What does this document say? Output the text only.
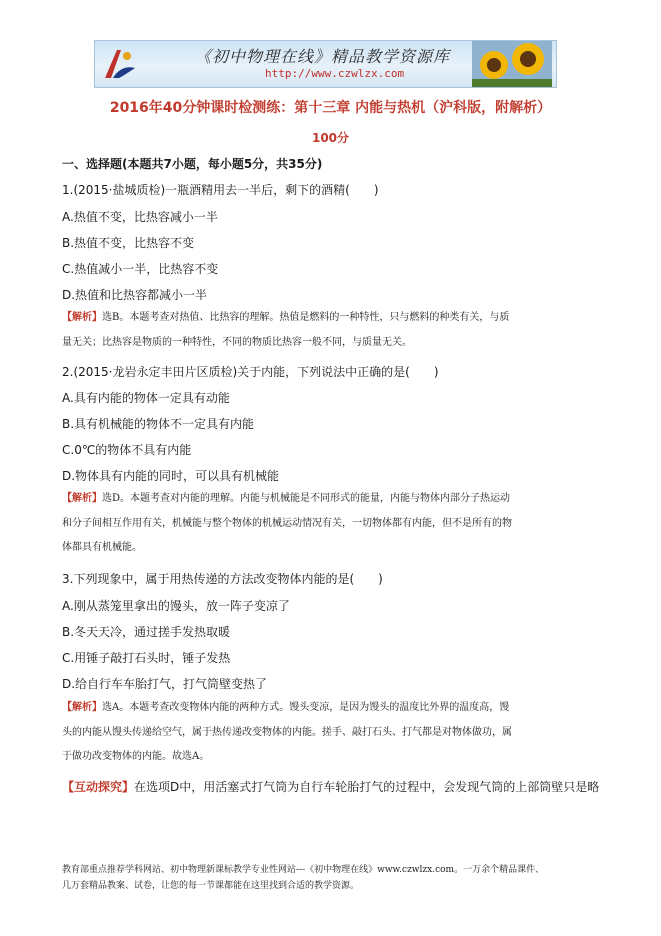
《初中物理在线》精品教学资源库
http://www.czwlzx.com
2016年40分钟课时检测练：第十三章 内能与热机（沪科版，附解析）
100分
一、选择题(本题共7小题，每小题5分，共35分)
1.(2015·盐城质检)一瓶酒精用去一半后，剩下的酒精(　　)
A.热值不变，比热容减小一半
B.热值不变，比热容不变
C.热值减小一半，比热容不变
D.热值和比热容都减小一半
【解析】选B。本题考查对热值、比热容的理解。热值是燃料的一种特性，只与燃料的种类有关，与质
量无关；比热容是物质的一种特性，不同的物质比热容一般不同，与质量无关。
2.(2015·龙岩永定丰田片区质检)关于内能，下列说法中正确的是(　　)
A.具有内能的物体一定具有动能
B.具有机械能的物体不一定具有内能
C.0℃的物体不具有内能
D.物体具有内能的同时，可以具有机械能
【解析】选D。本题考查对内能的理解。内能与机械能是不同形式的能量，内能与物体内部分子热运动
和分子间相互作用有关，机械能与整个物体的机械运动情况有关，一切物体都有内能，但不是所有的物
体都具有机械能。
3.下列现象中，属于用热传递的方法改变物体内能的是(　　)
A.刚从蒸笼里拿出的馒头，放一阵子变凉了
B.冬天天冷，通过搓手发热取暖
C.用锤子敲打石头时，锤子发热
D.给自行车车胎打气，打气筒壁变热了
【解析】选A。本题考查改变物体内能的两种方式。馒头变凉，是因为馒头的温度比外界的温度高，馒
头的内能从馒头传递给空气，属于热传递改变物体的内能。搓手、敲打石头、打气都是对物体做功，属
于做功改变物体的内能。故选A。
【互动探究】在选项D中，用活塞式打气筒为自行车轮胎打气的过程中，会发现气筒的上部筒壁只是略
教育部重点推荐学科网站、初中物理新课标教学专业性网站---《初中物理在线》www.czwlzx.com。一万余个精品课件、
几万套精品教案、试卷，让您的每一节课都能在这里找到合适的教学资源。
